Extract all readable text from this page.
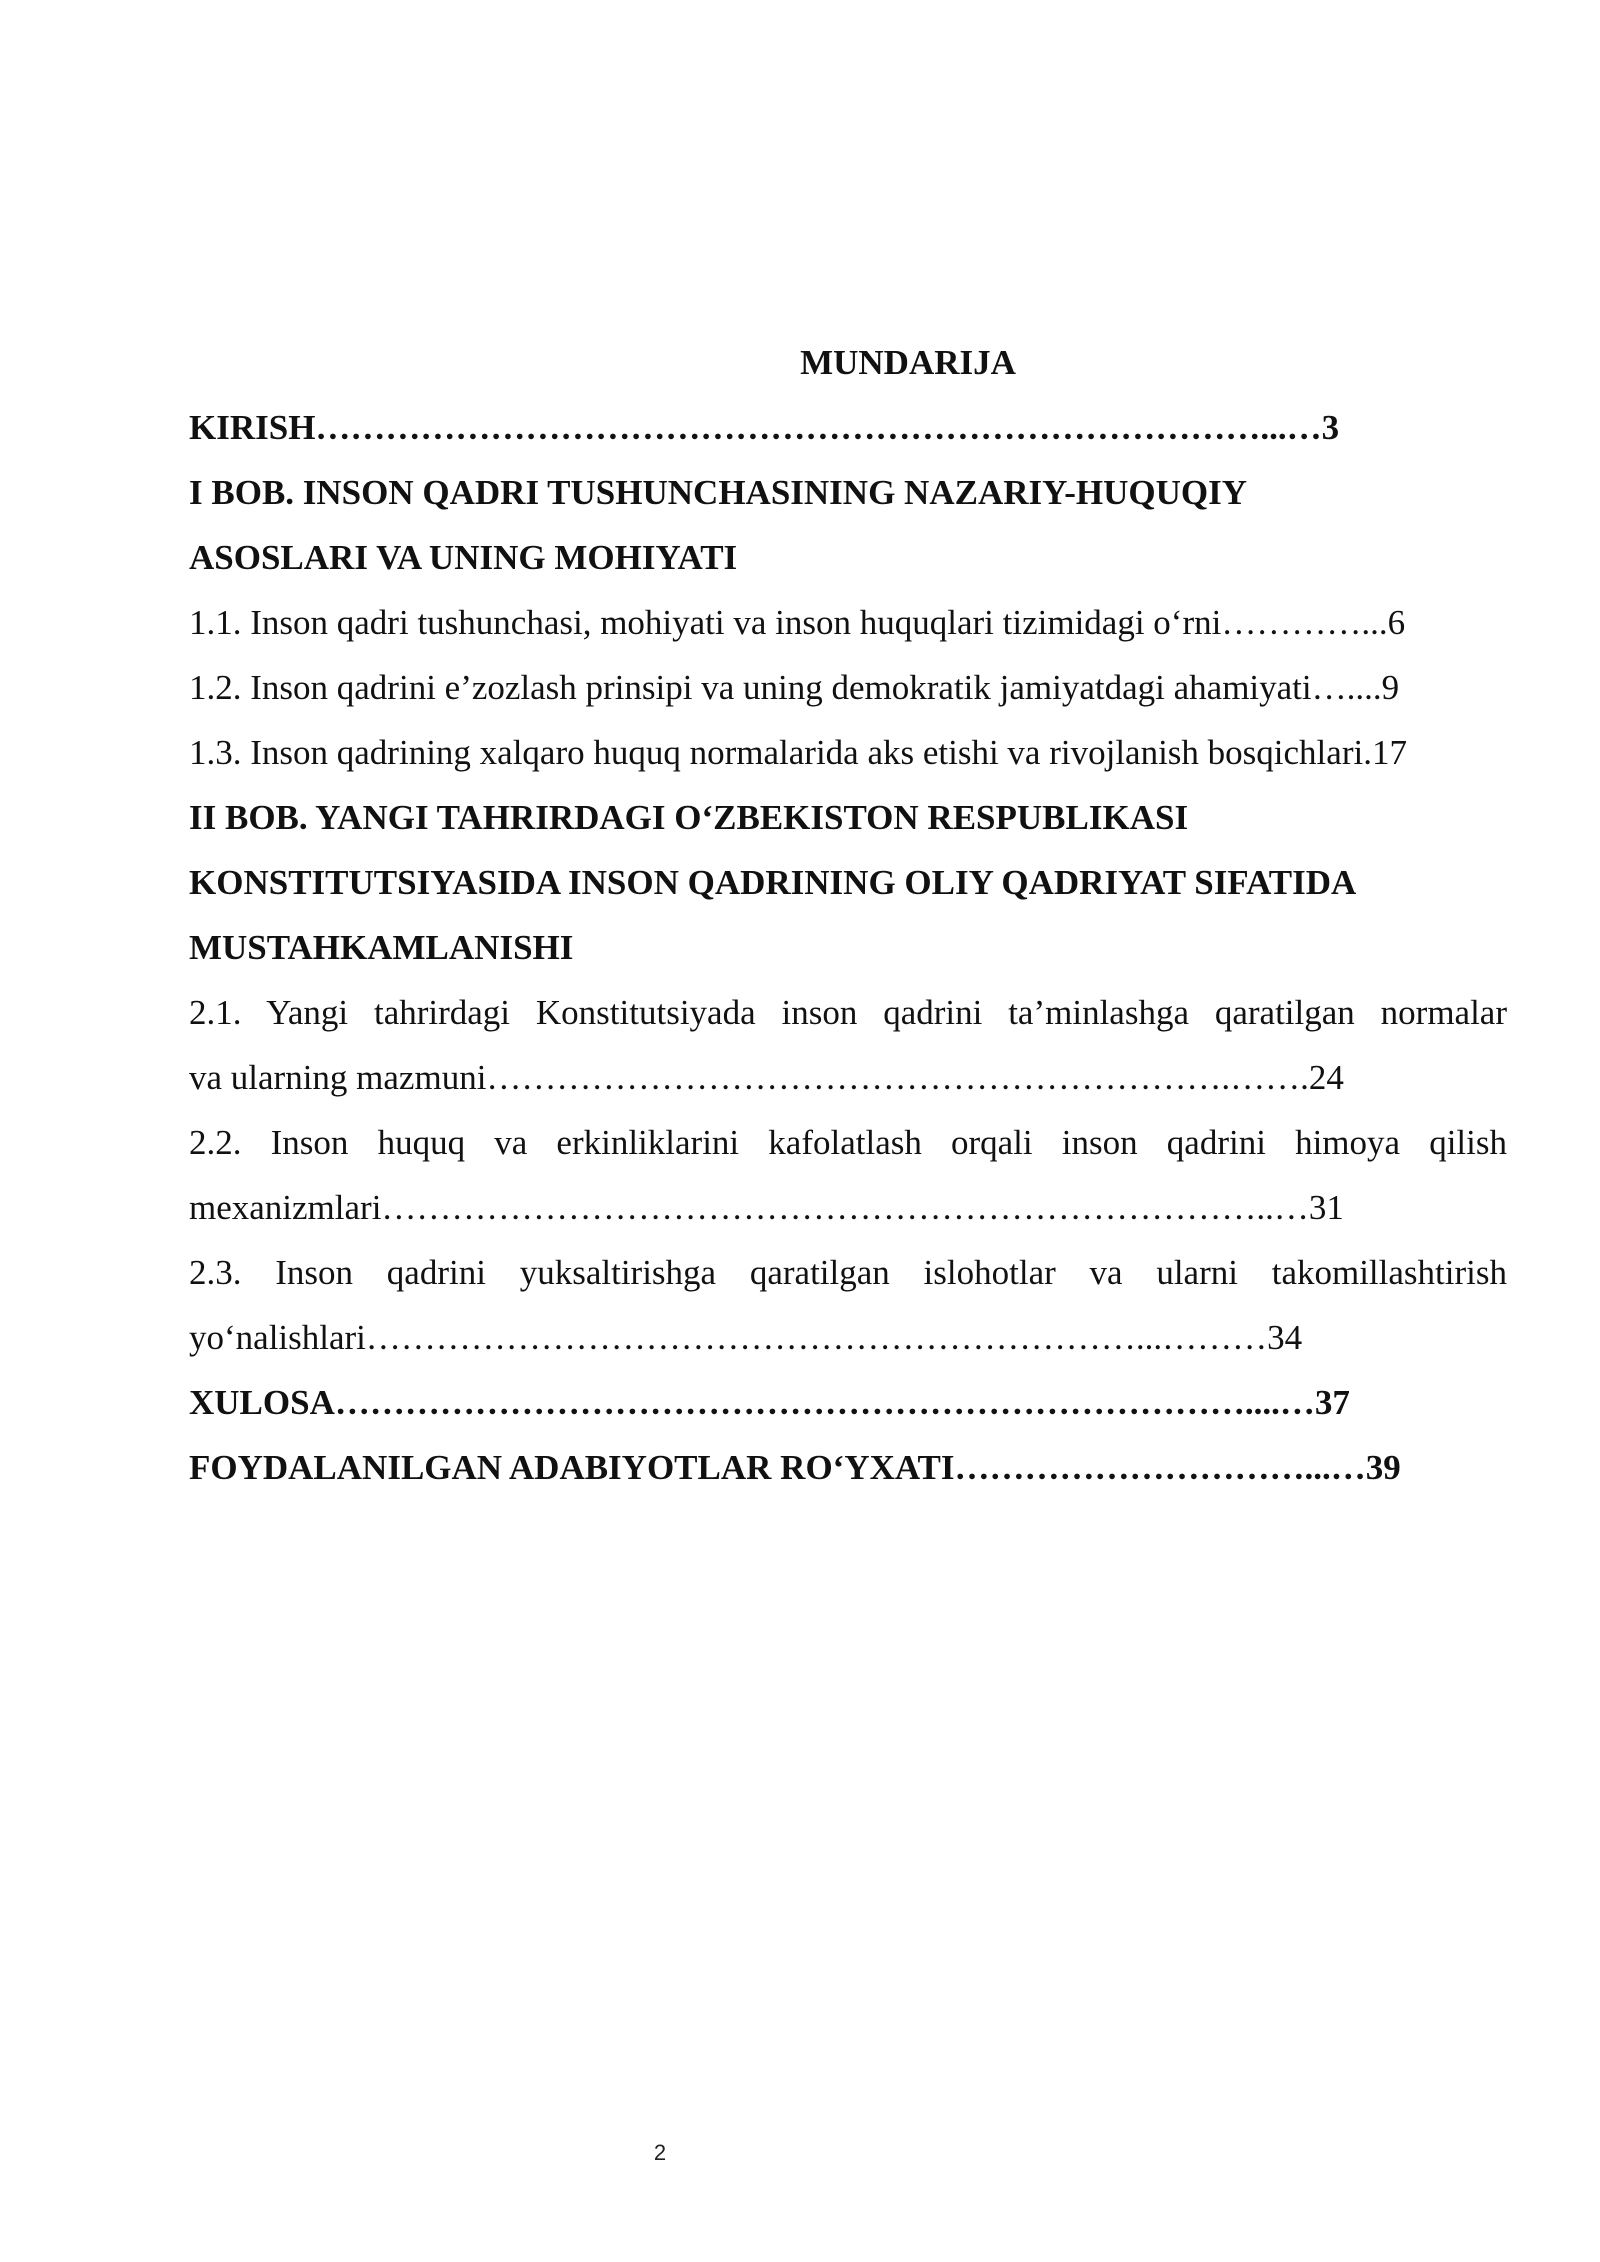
MUNDARIJA
KIRISH………………………………………………………………………...…3
I BOB. INSON QADRI TUSHUNCHASINING NAZARIY-HUQUQIY
ASOSLARI VA UNING MOHIYATI
1.1. Inson qadri tushunchasi, mohiyati va inson huquqlari tizimidagi o‘rni…………...6
1.2. Inson qadrini e’zozlash prinsipi va uning demokratik jamiyatdagi ahamiyati…....9
1.3. Inson qadrining xalqaro huquq normalarida aks etishi va rivojlanish bosqichlari.17
II BOB. YANGI TAHRIRDAGI O‘ZBEKISTON RESPUBLIKASI
KONSTITUTSIYASIDA INSON QADRINING OLIY QADRIYAT SIFATIDA
MUSTAHKAMLANISHI
2.1. Yangi tahrirdagi Konstitutsiyada inson qadrini ta’minlashga qaratilgan normalar
va ularning mazmuni……………………………………………………….…….24
2.2. Inson huquq va erkinliklarini kafolatlash orqali inson qadrini himoya qilish
mexanizmlari…………………………………………………………………..…31
2.3. Inson qadrini yuksaltirishga qaratilgan islohotlar va ularni takomillashtirish
yo‘nalishlari…………………………………………………………...………34
XULOSA……………………………………………………………………....…37
FOYDALANILGAN ADABIYOTLAR RO‘YXATI…………………………...…39
2
